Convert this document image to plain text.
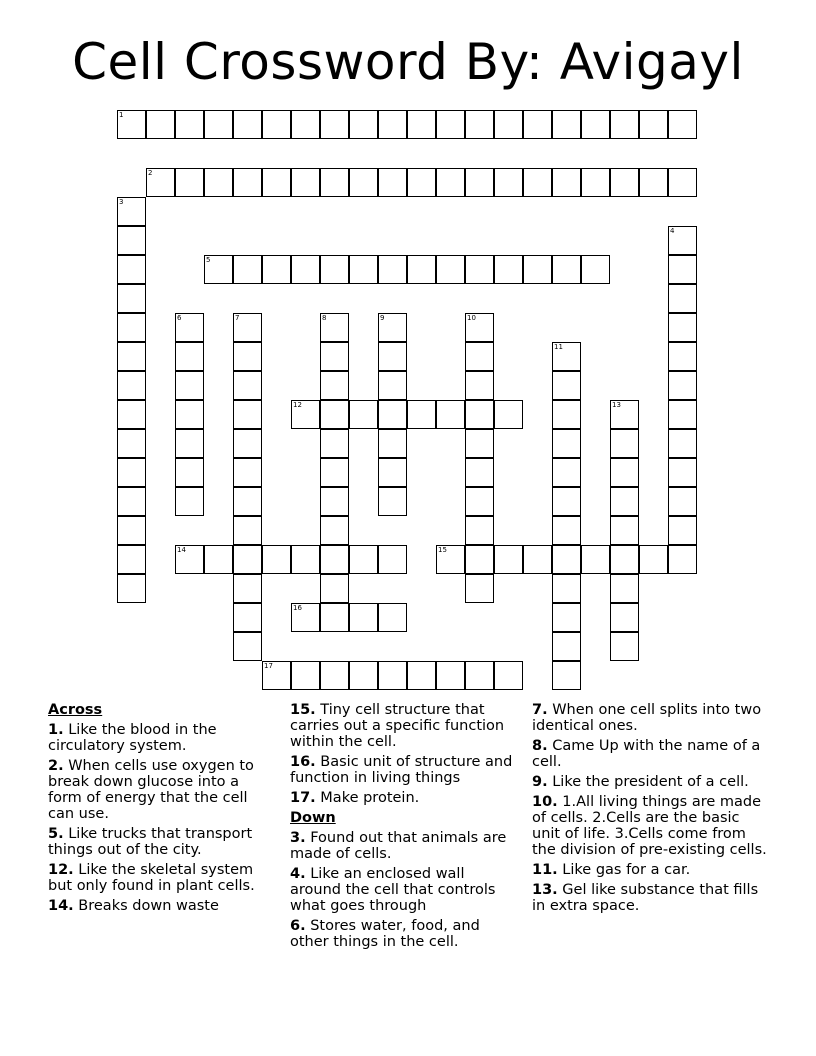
Cell Crossword By: Avigayl
1
2
3
4
5
6	7	8	9	10
11
12	13
14	15
16
17
Across
1. Like the blood in the circulatory system.
2. When cells use oxygen to break down glucose into a form of energy that the cell can use.
5. Like trucks that transport things out of the city.
12. Like the skeletal system but only found in plant cells.
14. Breaks down waste
15. Tiny cell structure that carries out a specific function within the cell.
16. Basic unit of structure and function in living things
17. Make protein.
Down
3. Found out that animals are made of cells.
4. Like an enclosed wall around the cell that controls what goes through
6. Stores water, food, and other things in the cell.
7. When one cell splits into two identical ones.
8. Came Up with the name of a cell.
9. Like the president of a cell.
10. 1.All living things are made of cells. 2.Cells are the basic unit of life. 3.Cells come from the division of pre-existing cells.
11. Like gas for a car.
13. Gel like substance that fills in extra space.
